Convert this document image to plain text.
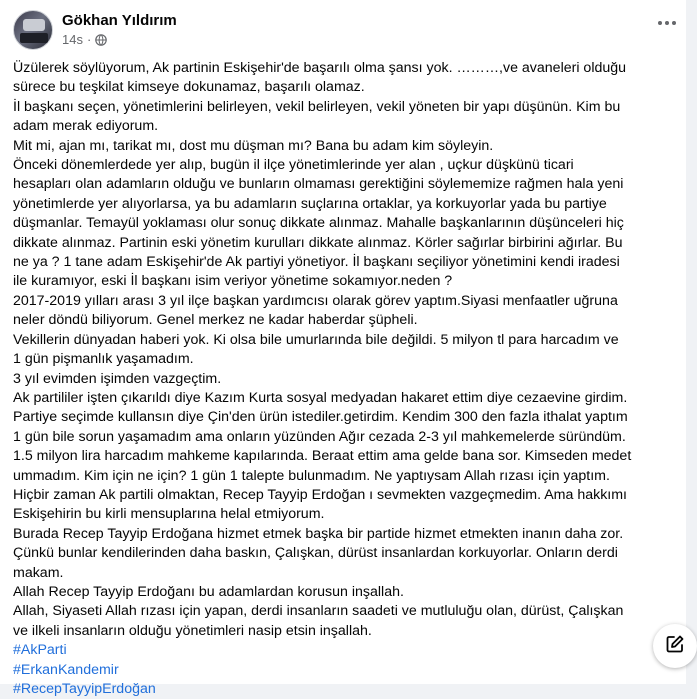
Gökhan Yıldırım
14s ·

Üzülerek söylüyorum, Ak partinin Eskişehir'de başarılı olma şansı yok. ………,ve avaneleri olduğu
sürece bu teşkilat kimseye dokunamaz, başarılı olamaz.

İl başkanı seçen, yönetimlerini belirleyen, vekil belirleyen, vekil yöneten bir yapı düşünün. Kim bu
adam merak ediyorum.

Mit mi, ajan mı, tarikat mı, dost mu düşman mı? Bana bu adam kim söyleyin.

Önceki dönemlerdede yer alıp, bugün il ilçe yönetimlerinde yer alan , uçkur düşkünü ticari
hesapları olan adamların olduğu ve bunların olmaması gerektiğini söylememize rağmen hala yeni
yönetimlerde yer alıyorlarsa, ya bu adamların suçlarına ortaklar, ya korkuyorlar yada bu partiye
düşmanlar. Temayül yoklaması olur sonuç dikkate alınmaz. Mahalle başkanlarının düşünceleri hiç
dikkate alınmaz. Partinin eski yönetim kurulları dikkate alınmaz. Körler sağırlar birbirini ağırlar. Bu
ne ya ? 1 tane adam Eskişehir'de Ak partiyi yönetiyor. İl başkanı seçiliyor yönetimini kendi iradesi
ile kuramıyor, eski İl başkanı isim veriyor yönetime sokamıyor.neden ?

2017-2019 yılları arası 3 yıl ilçe başkan yardımcısı olarak görev yaptım.Siyasi menfaatler uğruna
neler döndü biliyorum. Genel merkez ne kadar haberdar şüpheli.

Vekillerin dünyadan haberi yok. Ki olsa bile umurlarında bile değildi. 5 milyon tl para harcadım ve
1 gün pişmanlık yaşamadım.

3 yıl evimden işimden vazgeçtim.

Ak partililer işten çıkarıldı diye Kazım Kurta sosyal medyadan hakaret ettim diye cezaevine girdim.

Partiye seçimde kullansın diye Çin'den ürün istediler.getirdim. Kendim 300 den fazla ithalat yaptım
1 gün bile sorun yaşamadım ama onların yüzünden Ağır cezada 2-3 yıl mahkemelerde süründüm.

1.5 milyon lira harcadım mahkeme kapılarında. Beraat ettim ama gelde bana sor. Kimseden medet
ummadım. Kim için ne için? 1 gün 1 talepte bulunmadım. Ne yaptıysam Allah rızası için yaptım.

Hiçbir zaman Ak partili olmaktan, Recep Tayyip Erdoğan ı sevmekten vazgeçmedim. Ama hakkımı
Eskişehirin bu kirli mensuplarına helal etmiyorum.

Burada Recep Tayyip Erdoğana hizmet etmek başka bir partide hizmet etmekten inanın daha zor.
Çünkü bunlar kendilerinden daha baskın, Çalışkan, dürüst insanlardan korkuyorlar. Onların derdi
makam.

Allah Recep Tayyip Erdoğanı bu adamlardan korusun inşallah.

Allah, Siyaseti Allah rızası için yapan, derdi insanların saadeti ve mutluluğu olan, dürüst, Çalışkan
ve ilkeli insanların olduğu yönetimleri nasip etsin inşallah.

#AkParti
#ErkanKandemir
#RecepTayyipErdoğan
